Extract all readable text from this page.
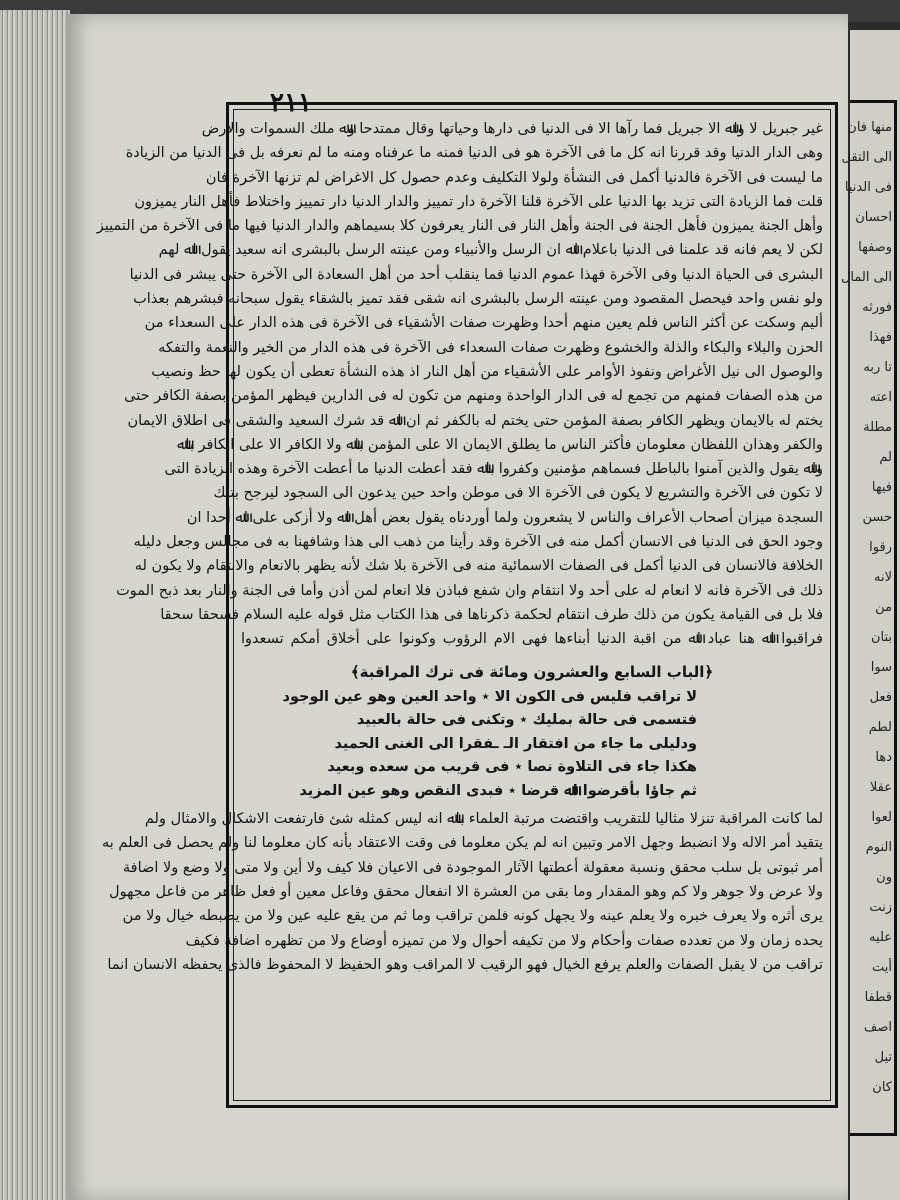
منها فان
الى التقل
فى الدنيا
احسان
وصفها
الى المال
فورثه
فهذا
تا ربه
اعته
مطلة
لم
فيها
حسن
رقوا
لانه
من
بتان
سوا
فعل
لطم
دها
عقلا
لعوا
النوم
ون
زنت
عليه
أيت
قطفا
اصف
تيل
كان
٢١١
غير جبريل لا واﷲ الا جبريل فما رآها الا فى الدنيا فى دارها وحياتها وقال ممتدحا وﷲ ملك السموات والارض
وهى الدار الدنيا وقد قررنا انه كل ما فى الآخرة هو فى الدنيا فمنه ما عرفناه ومنه ما لم نعرفه بل فى الدنيا من الزيادة
ما ليست فى الآخرة فالدنيا أكمل فى النشأة ولولا التكليف وعدم حصول كل الاغراض لم تزنها الآخرة فان
قلت فما الزيادة التى تزيد بها الدنيا على الآخرة قلنا الآخرة دار تمييز والدار الدنيا دار تمييز واختلاط فأهل النار يميزون
وأهل الجنة يميزون فأهل الجنة فى الجنة وأهل النار فى النار يعرفون كلا بسيماهم والدار الدنيا فيها ما فى الآخرة من التمييز
لكن لا يعم فانه قد علمنا فى الدنيا باعلام اﷲ ان الرسل والأنبياء ومن عينته الرسل بالبشرى انه سعيد يقول اﷲ لهم
البشرى فى الحياة الدنيا وفى الآخرة فهذا عموم الدنيا فما ينقلب أحد من أهل السعادة الى الآخرة حتى يبشر فى الدنيا
ولو نفس واحد فيحصل المقصود ومن عينته الرسل بالبشرى انه شقى فقد تميز بالشقاء يقول سبحانه فبشرهم بعذاب
أليم وسكت عن أكثر الناس فلم يعين منهم أحدا وظهرت صفات الأشقياء فى الآخرة فى هذه الدار على السعداء من
الحزن والبلاء والبكاء والذلة والخشوع وظهرت صفات السعداء فى الآخرة فى هذه الدار من الخير والنعمة والتفكه
والوصول الى نيل الأغراض ونفوذ الأوامر على الأشقياء من أهل النار اذ هذه النشأة تعطى أن يكون لها حظ ونصيب
من هذه الصفات فمنهم من تجمع له فى الدار الواحدة ومنهم من تكون له فى الدارين فيظهر المؤمن بصفة الكافر حتى
يختم له بالايمان ويظهر الكافر بصفة المؤمن حتى يختم له بالكفر ثم ان اﷲ قد شرك السعيد والشقى فى اطلاق الايمان
والكفر وهذان اللفظان معلومان فأكثر الناس ما يطلق الايمان الا على المؤمن باﷲ ولا الكافر الا على الكافر باﷲ
واﷲ يقول والذين آمنوا بالباطل فسماهم مؤمنين وكفروا باﷲ فقد أعطت الدنيا ما أعطت الآخرة وهذه الزيادة التى
لا تكون فى الآخرة والتشريع لا يكون فى الآخرة الا فى موطن واحد حين يدعون الى السجود ليرجح بتلك
السجدة ميزان أصحاب الأعراف والناس لا يشعرون ولما أوردناه يقول بعض أهل اﷲ ولا أزكى على اﷲ أحدا ان
وجود الحق فى الدنيا فى الانسان أكمل منه فى الآخرة وقد رأينا من ذهب الى هذا وشافهنا به فى مجالس وجعل دليله
الخلافة فالانسان فى الدنيا أكمل فى الصفات الاسمائية منه فى الآخرة بلا شك لأنه يظهر بالانعام والانتقام ولا يكون له
ذلك فى الآخرة فانه لا انعام له على أحد ولا انتقام وان شفع فباذن فلا انعام لمن أذن وأما فى الجنة والنار بعد ذبح الموت
فلا بل فى القيامة يكون من ذلك طرف انتقام لحكمة ذكرناها فى هذا الكتاب مثل قوله عليه السلام فسحقا سحقا
فراقبوا اﷲ هنا عباد اﷲ من اقبة الدنيا أبناءها فهى الام الرؤوب وكونوا على أخلاق أمكم تسعدوا
﴿الباب السابع والعشرون ومائة فى ترك المراقبة﴾
لا تراقب فليس فى الكون الا ٭ واحد العين وهو عين الوجود
فتسمى فى حالة بمليك ٭ وتكنى فى حالة بالعبيد
ودليلى ما جاء من افتقار الـ ـفقرا الى الغنى الحميد
هكذا جاء فى التلاوة نصا ٭ فى قريب من سعده وبعيد
ثم جاؤا بأقرضوا اﷲ قرضا ٭ فبدى النقص وهو عين المزيد
لما كانت المراقبة تنزلا مثاليا للتقريب واقتضت مرتبة العلماء باﷲ انه ليس كمثله شئ فارتفعت الاشكال والامثال ولم
يتقيد أمر الاله ولا انضبط وجهل الامر وتبين انه لم يكن معلوما فى وقت الاعتقاد بأنه كان معلوما لنا ولم يحصل فى العلم به
أمر ثبوتى بل سلب محقق ونسبة معقولة أعطتها الآثار الموجودة فى الاعيان فلا كيف ولا أين ولا متى ولا وضع ولا اضافة
ولا عرض ولا جوهر ولا كم وهو المقدار وما بقى من العشرة الا انفعال محقق وفاعل معين أو فعل ظاهر من فاعل مجهول
يرى أثره ولا يعرف خبره ولا يعلم عينه ولا يجهل كونه فلمن تراقب وما ثم من يقع عليه عين ولا من يضبطه خيال ولا من
يحده زمان ولا من تعدده صفات وأحكام ولا من تكيفه أحوال ولا من تميزه أوضاع ولا من تظهره اضافة فكيف
تراقب من لا يقبل الصفات والعلم يرفع الخيال فهو الرقيب لا المراقب وهو الحفيظ لا المحفوظ فالذى يحفظه الانسان انما
